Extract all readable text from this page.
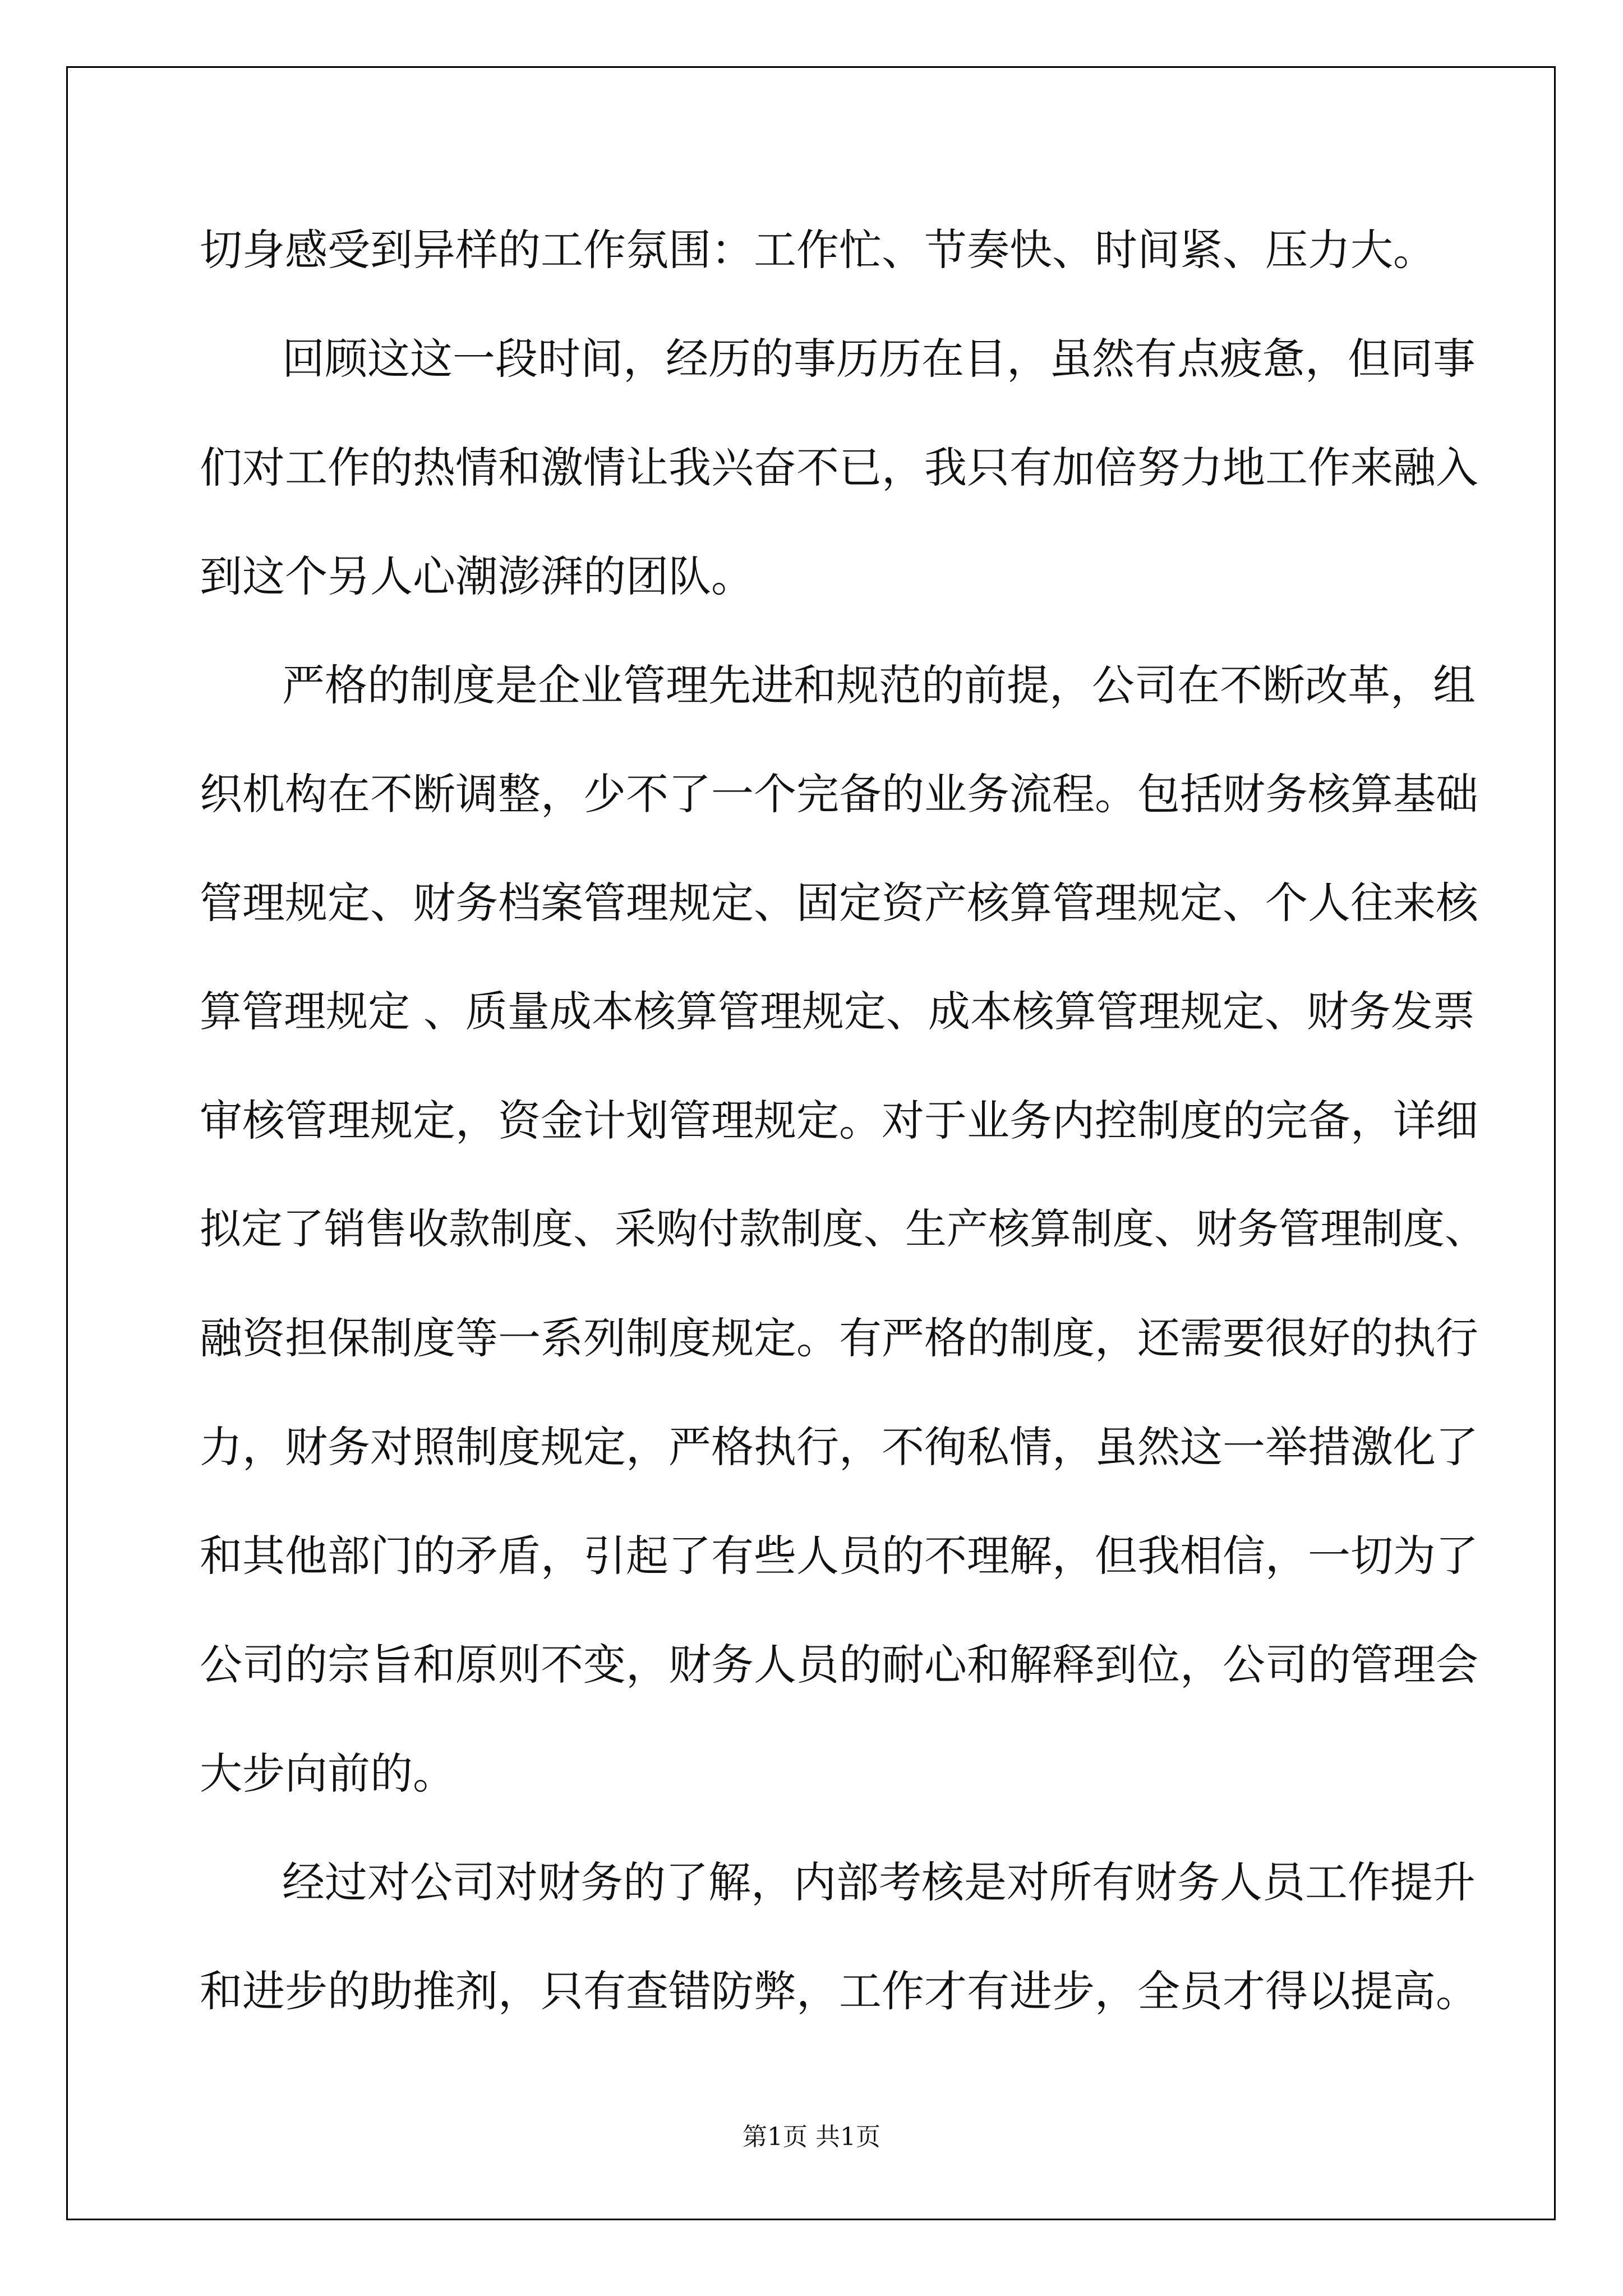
切身感受到异样的工作氛围：工作忙、节奏快、时间紧、压力大。
回顾这这一段时间，经历的事历历在目，虽然有点疲惫，但同事
们对工作的热情和激情让我兴奋不已，我只有加倍努力地工作来融入
到这个另人心潮澎湃的团队。
严格的制度是企业管理先进和规范的前提，公司在不断改革，组
织机构在不断调整，少不了一个完备的业务流程。包括财务核算基础
管理规定、财务档案管理规定、固定资产核算管理规定、个人往来核
算管理规定 、质量成本核算管理规定、成本核算管理规定、财务发票
审核管理规定，资金计划管理规定。对于业务内控制度的完备，详细
拟定了销售收款制度、采购付款制度、生产核算制度、财务管理制度、
融资担保制度等一系列制度规定。有严格的制度，还需要很好的执行
力，财务对照制度规定，严格执行，不徇私情，虽然这一举措激化了
和其他部门的矛盾，引起了有些人员的不理解，但我相信，一切为了
公司的宗旨和原则不变，财务人员的耐心和解释到位，公司的管理会
大步向前的。
经过对公司对财务的了解，内部考核是对所有财务人员工作提升
和进步的助推剂，只有查错防弊，工作才有进步，全员才得以提高。
第1页 共1页
